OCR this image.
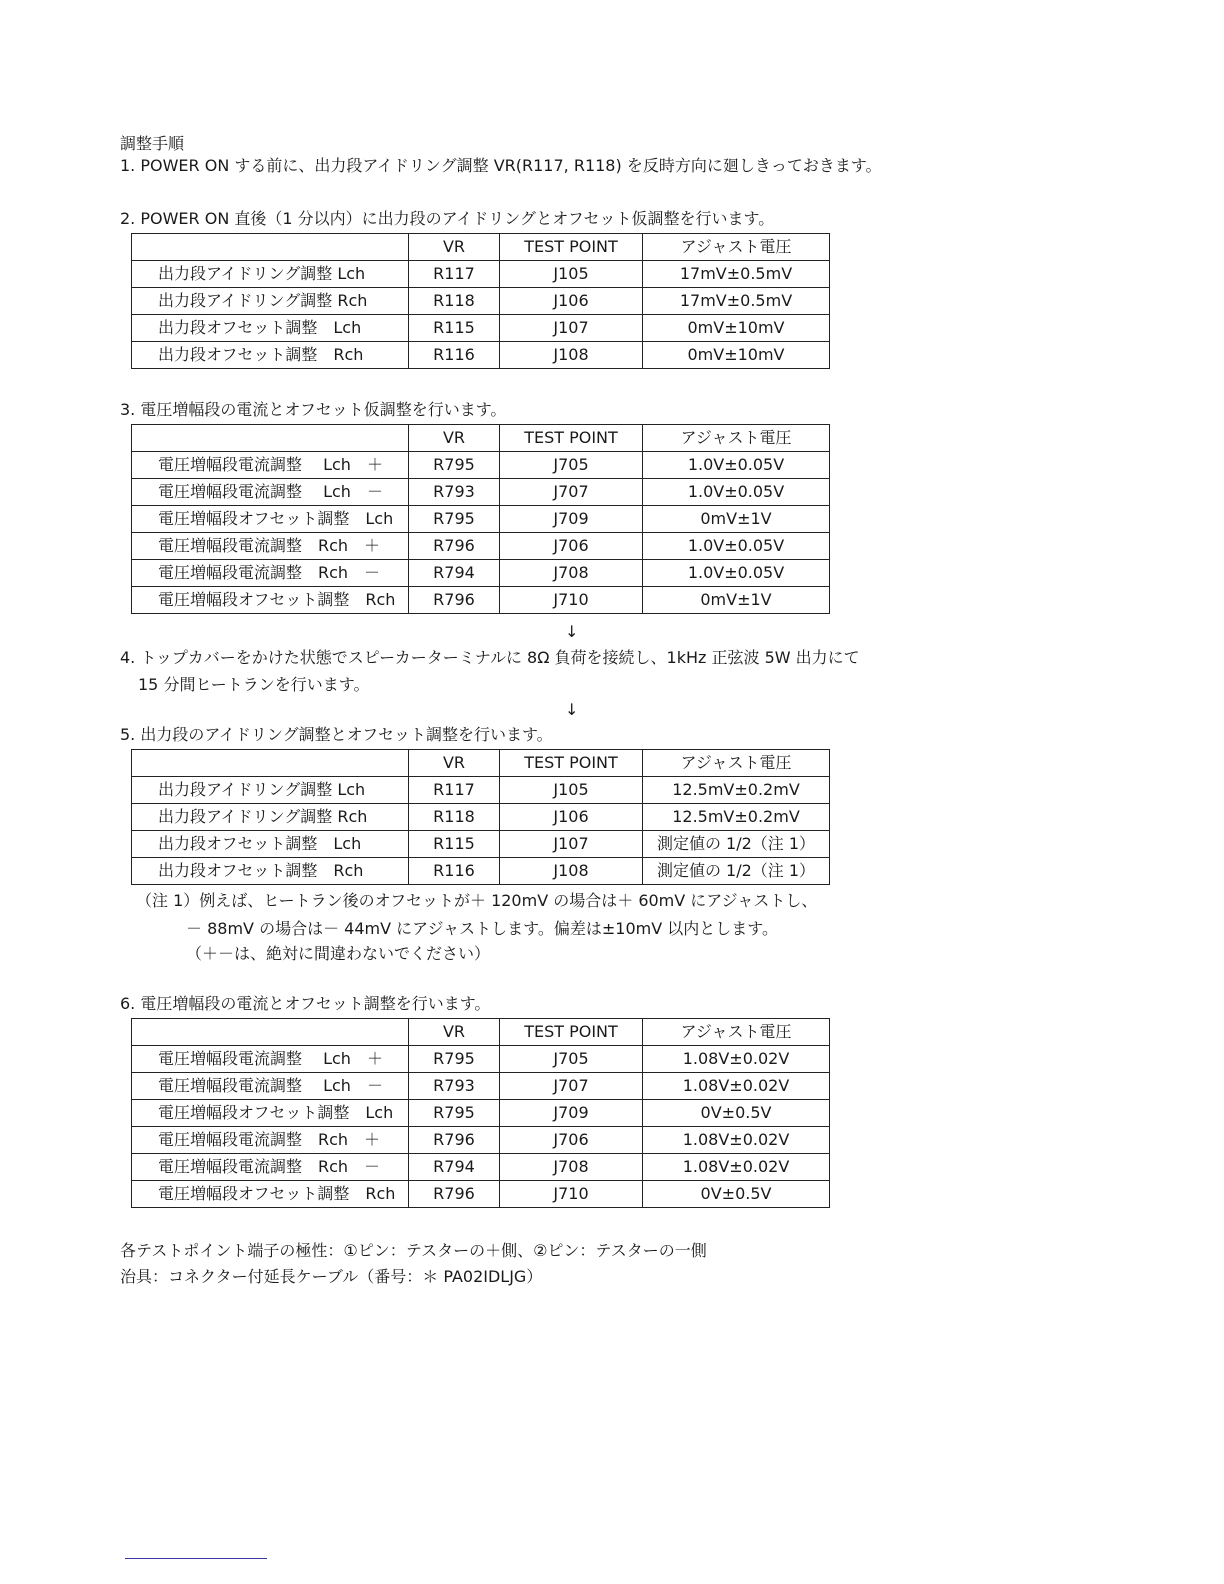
調整手順
1. POWER ON する前に、出力段アイドリング調整 VR(R117, R118) を反時方向に廻しきっておきます。
2. POWER ON 直後（1 分以内）に出力段のアイドリングとオフセット仮調整を行います。
	VR	TEST POINT	アジャスト電圧
出力段アイドリング調整 Lch	R117	J105	17mV±0.5mV
出力段アイドリング調整 Rch	R118	J106	17mV±0.5mV
出力段オフセット調整　Lch	R115	J107	0mV±10mV
出力段オフセット調整　Rch	R116	J108	0mV±10mV
3. 電圧増幅段の電流とオフセット仮調整を行います。
	VR	TEST POINT	アジャスト電圧
電圧増幅段電流調整　 Lch　＋	R795	J705	1.0V±0.05V
電圧増幅段電流調整　 Lch　－	R793	J707	1.0V±0.05V
電圧増幅段オフセット調整　Lch	R795	J709	0mV±1V
電圧増幅段電流調整　Rch　＋	R796	J706	1.0V±0.05V
電圧増幅段電流調整　Rch　－	R794	J708	1.0V±0.05V
電圧増幅段オフセット調整　Rch	R796	J710	0mV±1V
↓
4. トップカバーをかけた状態でスピーカーターミナルに 8Ω 負荷を接続し、1kHz 正弦波 5W 出力にて
15 分間ヒートランを行います。
↓
5. 出力段のアイドリング調整とオフセット調整を行います。
	VR	TEST POINT	アジャスト電圧
出力段アイドリング調整 Lch	R117	J105	12.5mV±0.2mV
出力段アイドリング調整 Rch	R118	J106	12.5mV±0.2mV
出力段オフセット調整　Lch	R115	J107	測定値の 1/2（注 1）
出力段オフセット調整　Rch	R116	J108	測定値の 1/2（注 1）
（注 1）例えば、ヒートラン後のオフセットが＋ 120mV の場合は＋ 60mV にアジャストし、
－ 88mV の場合は－ 44mV にアジャストします。偏差は±10mV 以内とします。
（＋－は、絶対に間違わないでください）
6. 電圧増幅段の電流とオフセット調整を行います。
	VR	TEST POINT	アジャスト電圧
電圧増幅段電流調整　 Lch　＋	R795	J705	1.08V±0.02V
電圧増幅段電流調整　 Lch　－	R793	J707	1.08V±0.02V
電圧増幅段オフセット調整　Lch	R795	J709	0V±0.5V
電圧増幅段電流調整　Rch　＋	R796	J706	1.08V±0.02V
電圧増幅段電流調整　Rch　－	R794	J708	1.08V±0.02V
電圧増幅段オフセット調整　Rch	R796	J710	0V±0.5V
各テストポイント端子の極性：①ピン：テスターの＋側、②ピン：テスターの一側
治具：コネクター付延長ケーブル（番号：＊ PA02IDLJG）
